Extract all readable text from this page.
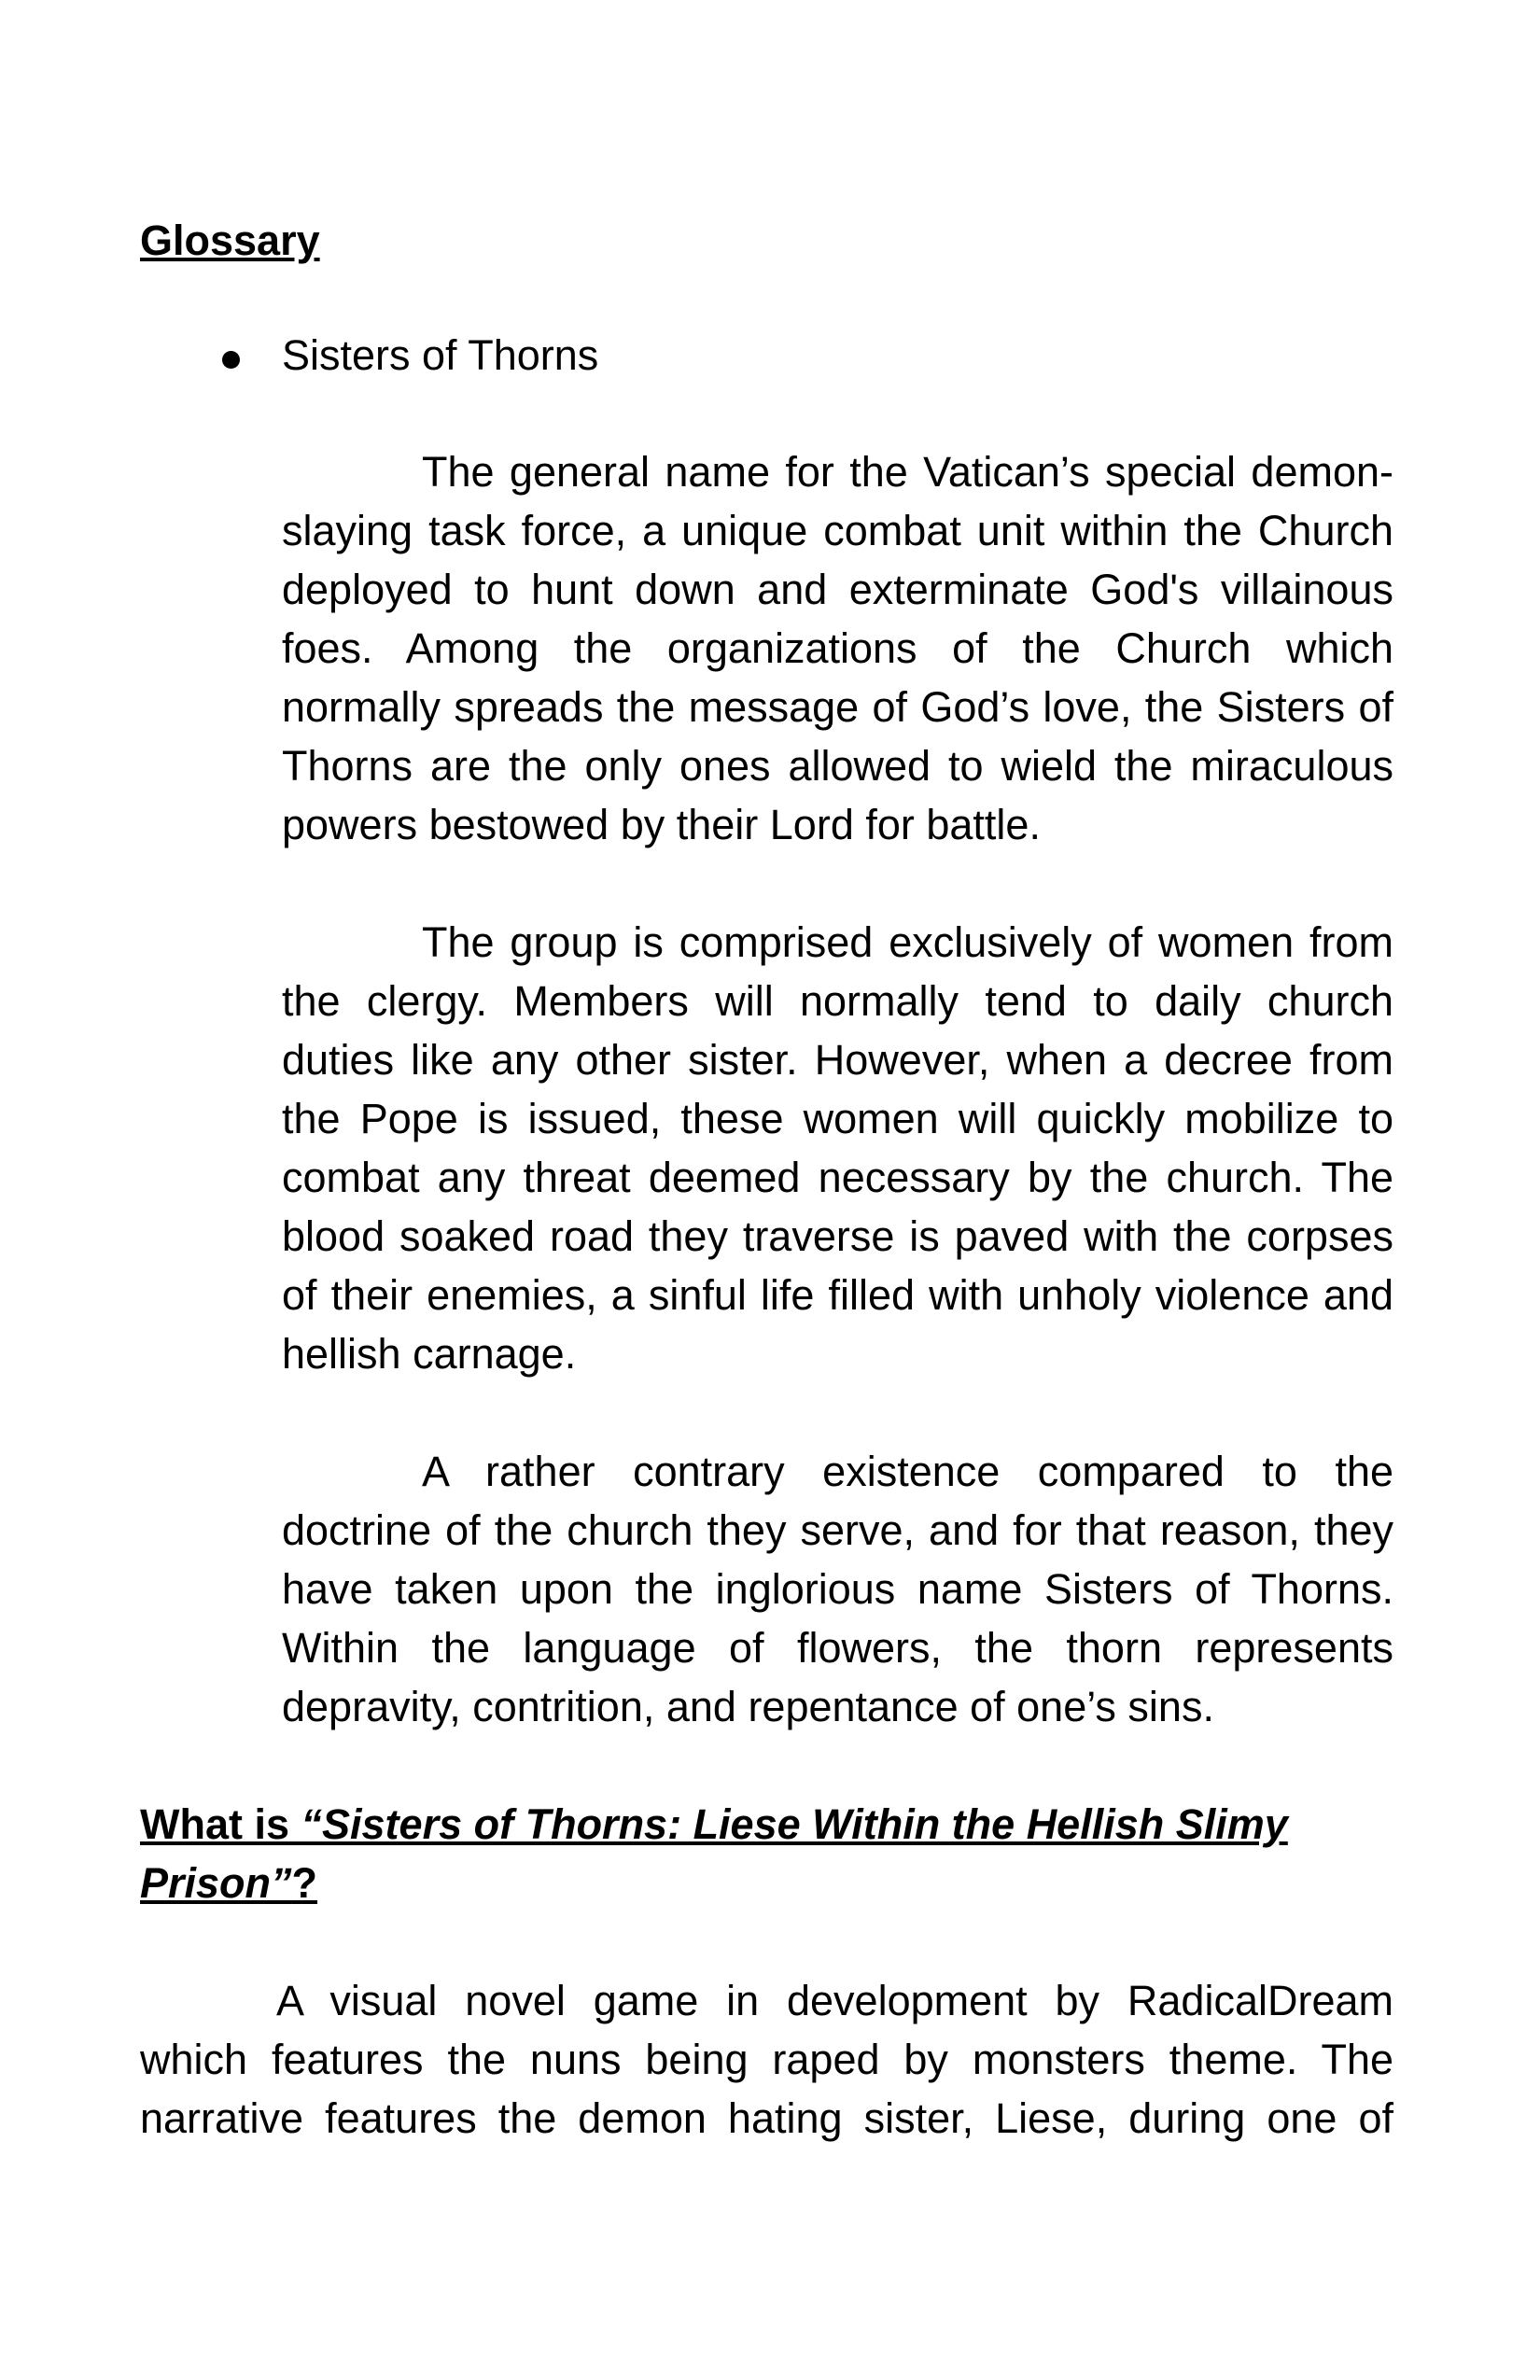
Glossary
Sisters of Thorns

The general name for the Vatican’s special demon-slaying task force, a unique combat unit within the Church deployed to hunt down and exterminate God's villainous foes. Among the organizations of the Church which normally spreads the message of God’s love, the Sisters of Thorns are the only ones allowed to wield the miraculous powers bestowed by their Lord for battle.

The group is comprised exclusively of women from the clergy. Members will normally tend to daily church duties like any other sister. However, when a decree from the Pope is issued, these women will quickly mobilize to combat any threat deemed necessary by the church. The blood soaked road they traverse is paved with the corpses of their enemies, a sinful life filled with unholy violence and hellish carnage.

A rather contrary existence compared to the doctrine of the church they serve, and for that reason, they have taken upon the inglorious name Sisters of Thorns. Within the language of flowers, the thorn represents depravity, contrition, and repentance of one’s sins.

What is “Sisters of Thorns: Liese Within the Hellish Slimy Prison”?

A visual novel game in development by RadicalDream which features the nuns being raped by monsters theme. The narrative features the demon hating sister, Liese, during one of
